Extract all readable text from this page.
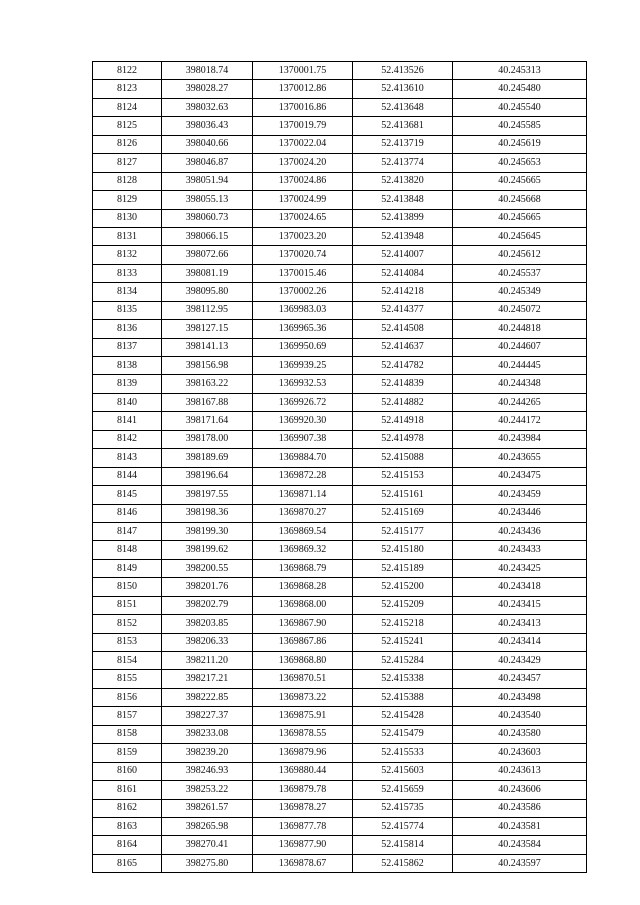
8122	398018.74	1370001.75	52.413526	40.245313
8123	398028.27	1370012.86	52.413610	40.245480
8124	398032.63	1370016.86	52.413648	40.245540
8125	398036.43	1370019.79	52.413681	40.245585
8126	398040.66	1370022.04	52.413719	40.245619
8127	398046.87	1370024.20	52.413774	40.245653
8128	398051.94	1370024.86	52.413820	40.245665
8129	398055.13	1370024.99	52.413848	40.245668
8130	398060.73	1370024.65	52.413899	40.245665
8131	398066.15	1370023.20	52.413948	40.245645
8132	398072.66	1370020.74	52.414007	40.245612
8133	398081.19	1370015.46	52.414084	40.245537
8134	398095.80	1370002.26	52.414218	40.245349
8135	398112.95	1369983.03	52.414377	40.245072
8136	398127.15	1369965.36	52.414508	40.244818
8137	398141.13	1369950.69	52.414637	40.244607
8138	398156.98	1369939.25	52.414782	40.244445
8139	398163.22	1369932.53	52.414839	40.244348
8140	398167.88	1369926.72	52.414882	40.244265
8141	398171.64	1369920.30	52.414918	40.244172
8142	398178.00	1369907.38	52.414978	40.243984
8143	398189.69	1369884.70	52.415088	40.243655
8144	398196.64	1369872.28	52.415153	40.243475
8145	398197.55	1369871.14	52.415161	40.243459
8146	398198.36	1369870.27	52.415169	40.243446
8147	398199.30	1369869.54	52.415177	40.243436
8148	398199.62	1369869.32	52.415180	40.243433
8149	398200.55	1369868.79	52.415189	40.243425
8150	398201.76	1369868.28	52.415200	40.243418
8151	398202.79	1369868.00	52.415209	40.243415
8152	398203.85	1369867.90	52.415218	40.243413
8153	398206.33	1369867.86	52.415241	40.243414
8154	398211.20	1369868.80	52.415284	40.243429
8155	398217.21	1369870.51	52.415338	40.243457
8156	398222.85	1369873.22	52.415388	40.243498
8157	398227.37	1369875.91	52.415428	40.243540
8158	398233.08	1369878.55	52.415479	40.243580
8159	398239.20	1369879.96	52.415533	40.243603
8160	398246.93	1369880.44	52.415603	40.243613
8161	398253.22	1369879.78	52.415659	40.243606
8162	398261.57	1369878.27	52.415735	40.243586
8163	398265.98	1369877.78	52.415774	40.243581
8164	398270.41	1369877.90	52.415814	40.243584
8165	398275.80	1369878.67	52.415862	40.243597
